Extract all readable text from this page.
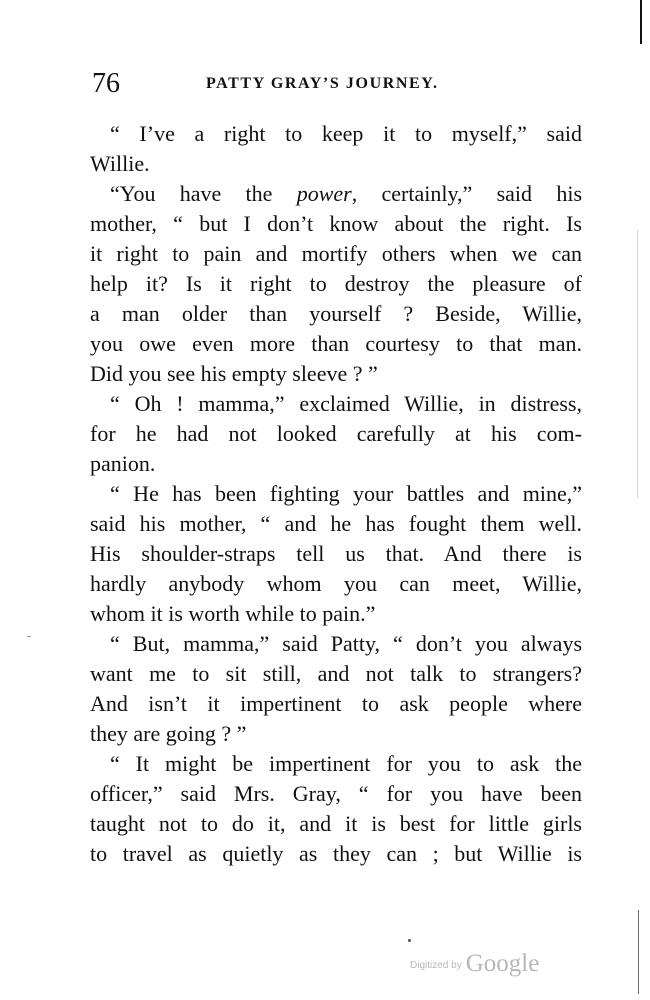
76	PATTY GRAY’S JOURNEY.
“ I’ve a right to keep it to myself,” said
Willie.
“You have the power, certainly,” said his
mother, “ but I don’t know about the right. Is
it right to pain and mortify others when we can
help it? Is it right to destroy the pleasure of
a man older than yourself ? Beside, Willie,
you owe even more than courtesy to that man.
Did you see his empty sleeve ? ”
“ Oh ! mamma,” exclaimed Willie, in distress,
for he had not looked carefully at his com-
panion.
“ He has been fighting your battles and mine,”
said his mother, “ and he has fought them well.
His shoulder-straps tell us that. And there is
hardly anybody whom you can meet, Willie,
whom it is worth while to pain.”
“ But, mamma,” said Patty, “ don’t you always
want me to sit still, and not talk to strangers?
And isn’t it impertinent to ask people where
they are going ? ”
“ It might be impertinent for you to ask the
officer,” said Mrs. Gray, “ for you have been
taught not to do it, and it is best for little girls
to travel as quietly as they can ; but Willie is
Digitized by Google
